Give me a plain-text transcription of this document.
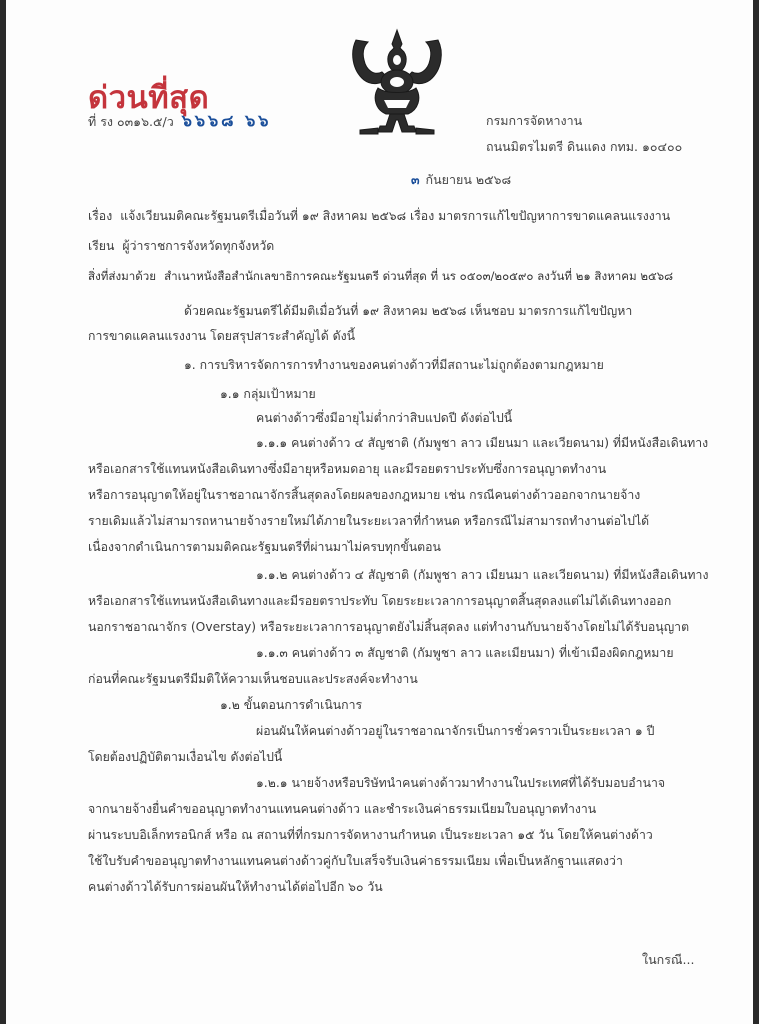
ด่วนที่สุด
ที่ รง ๐๓๑๖.๕/ว ๖๖๖๘ ๖๖	กรมการจัดหางาน
ถนนมิตรไมตรี ดินแดง กทม. ๑๐๔๐๐
๓ กันยายน ๒๕๖๘
เรื่อง แจ้งเวียนมติคณะรัฐมนตรีเมื่อวันที่ ๑๙ สิงหาคม ๒๕๖๘ เรื่อง มาตรการแก้ไขปัญหาการขาดแคลนแรงงาน
เรียน ผู้ว่าราชการจังหวัดทุกจังหวัด
สิ่งที่ส่งมาด้วย สำเนาหนังสือสำนักเลขาธิการคณะรัฐมนตรี ด่วนที่สุด ที่ นร ๐๕๐๓/๒๐๕๙๐ ลงวันที่ ๒๑ สิงหาคม ๒๕๖๘
ด้วยคณะรัฐมนตรีได้มีมติเมื่อวันที่ ๑๙ สิงหาคม ๒๕๖๘ เห็นชอบ มาตรการแก้ไขปัญหา
การขาดแคลนแรงงาน โดยสรุปสาระสำคัญได้ ดังนี้
๑. การบริหารจัดการการทำงานของคนต่างด้าวที่มีสถานะไม่ถูกต้องตามกฎหมาย
๑.๑ กลุ่มเป้าหมาย
คนต่างด้าวซึ่งมีอายุไม่ต่ำกว่าสิบแปดปี ดังต่อไปนี้
๑.๑.๑ คนต่างด้าว ๔ สัญชาติ (กัมพูชา ลาว เมียนมา และเวียดนาม) ที่มีหนังสือเดินทาง
หรือเอกสารใช้แทนหนังสือเดินทางซึ่งมีอายุหรือหมดอายุ และมีรอยตราประทับซึ่งการอนุญาตทำงาน
หรือการอนุญาตให้อยู่ในราชอาณาจักรสิ้นสุดลงโดยผลของกฎหมาย เช่น กรณีคนต่างด้าวออกจากนายจ้าง
รายเดิมแล้วไม่สามารถหานายจ้างรายใหม่ได้ภายในระยะเวลาที่กำหนด หรือกรณีไม่สามารถทำงานต่อไปได้
เนื่องจากดำเนินการตามมติคณะรัฐมนตรีที่ผ่านมาไม่ครบทุกขั้นตอน
๑.๑.๒ คนต่างด้าว ๔ สัญชาติ (กัมพูชา ลาว เมียนมา และเวียดนาม) ที่มีหนังสือเดินทาง
หรือเอกสารใช้แทนหนังสือเดินทางและมีรอยตราประทับ โดยระยะเวลาการอนุญาตสิ้นสุดลงแต่ไม่ได้เดินทางออก
นอกราชอาณาจักร (Overstay) หรือระยะเวลาการอนุญาตยังไม่สิ้นสุดลง แต่ทำงานกับนายจ้างโดยไม่ได้รับอนุญาต
๑.๑.๓ คนต่างด้าว ๓ สัญชาติ (กัมพูชา ลาว และเมียนมา) ที่เข้าเมืองผิดกฎหมาย
ก่อนที่คณะรัฐมนตรีมีมติให้ความเห็นชอบและประสงค์จะทำงาน
๑.๒ ขั้นตอนการดำเนินการ
ผ่อนผันให้คนต่างด้าวอยู่ในราชอาณาจักรเป็นการชั่วคราวเป็นระยะเวลา ๑ ปี
โดยต้องปฏิบัติตามเงื่อนไข ดังต่อไปนี้
๑.๒.๑ นายจ้างหรือบริษัทนำคนต่างด้าวมาทำงานในประเทศที่ได้รับมอบอำนาจ
จากนายจ้างยื่นคำขออนุญาตทำงานแทนคนต่างด้าว และชำระเงินค่าธรรมเนียมใบอนุญาตทำงาน
ผ่านระบบอิเล็กทรอนิกส์ หรือ ณ สถานที่ที่กรมการจัดหางานกำหนด เป็นระยะเวลา ๑๕ วัน โดยให้คนต่างด้าว
ใช้ใบรับคำขออนุญาตทำงานแทนคนต่างด้าวคู่กับใบเสร็จรับเงินค่าธรรมเนียม เพื่อเป็นหลักฐานแสดงว่า
คนต่างด้าวได้รับการผ่อนผันให้ทำงานได้ต่อไปอีก ๖๐ วัน
ในกรณี...
